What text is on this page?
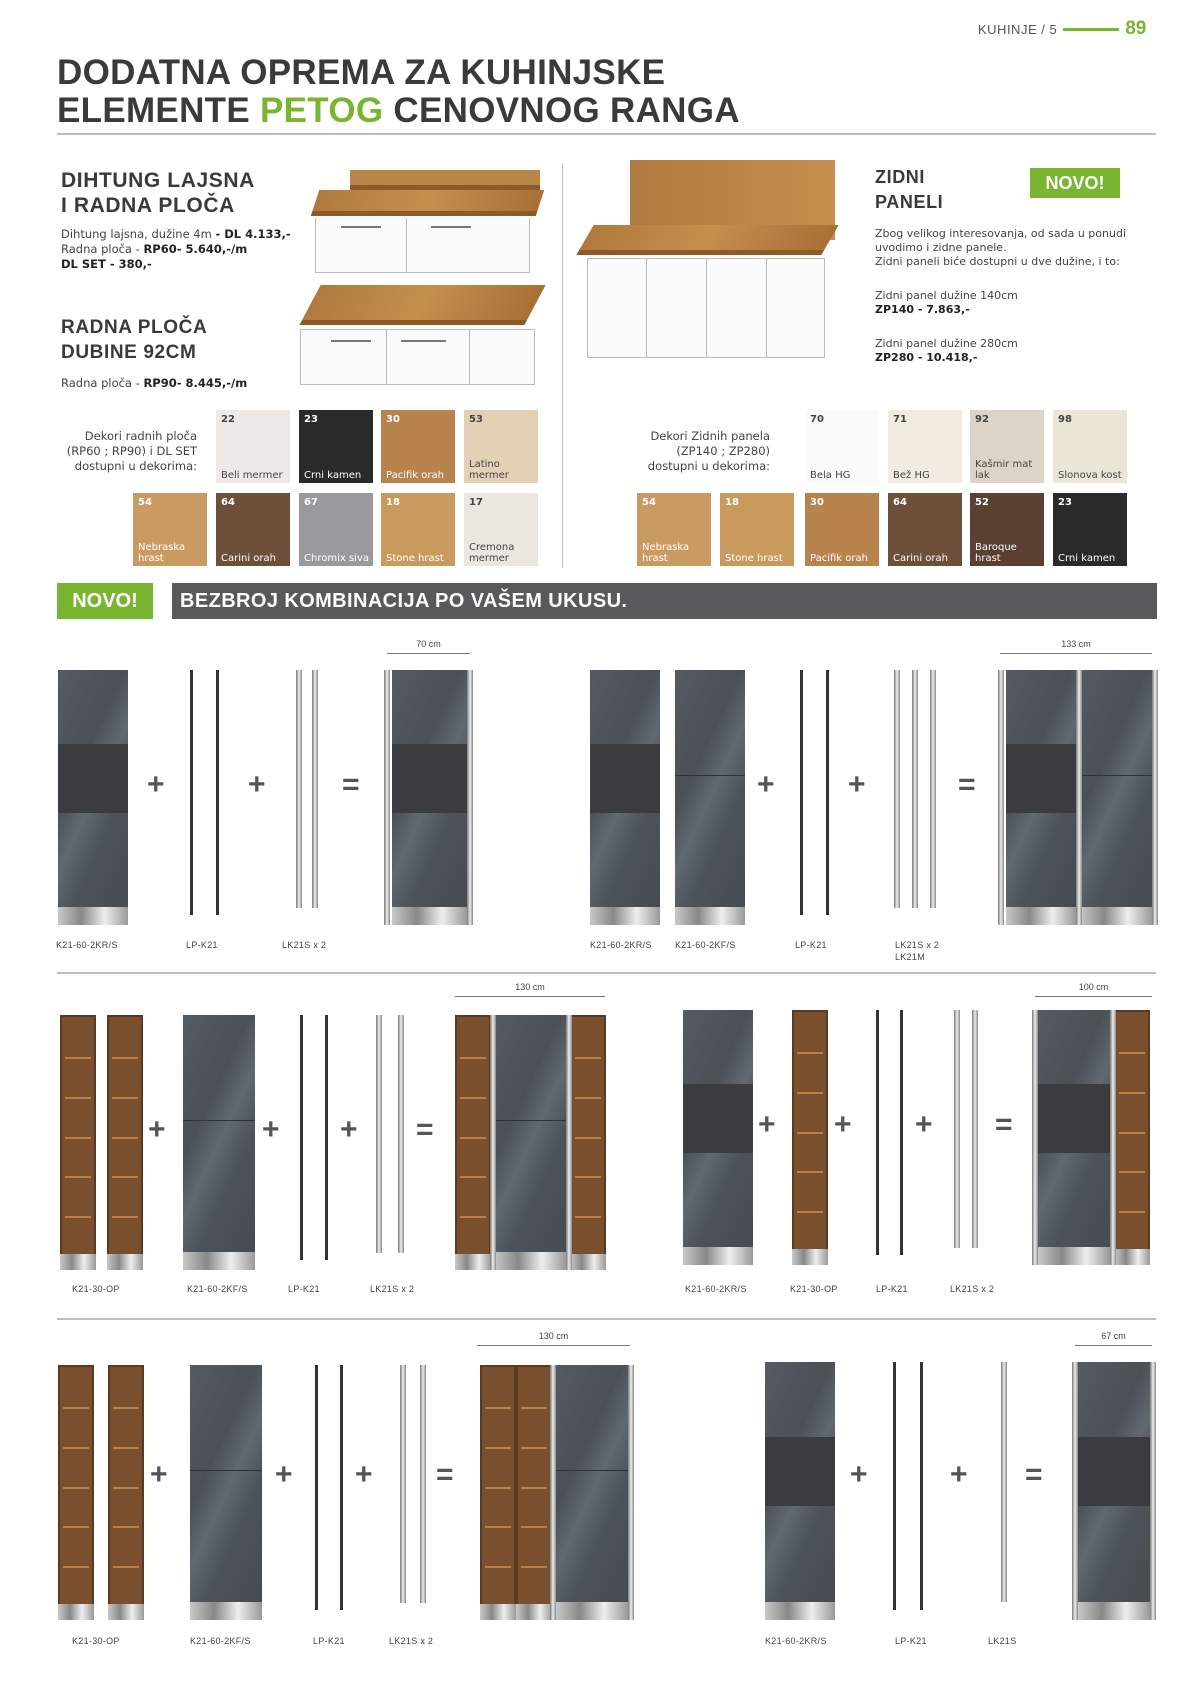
KUHINJE / 5	89
DODATNA OPREMA ZA KUHINJSKE
ELEMENTE PETOG CENOVNOG RANGA
DIHTUNG LAJSNA
I RADNA PLOČA
Dihtung lajsna, dužine 4m - DL 4.133,-
Radna ploča - RP60- 5.640,-/m
DL SET - 380,-
RADNA PLOČA
DUBINE 92CM
Radna ploča - RP90- 8.445,-/m
Dekori radnih ploča
(RP60 ; RP90) i DL SET
dostupni u dekorima:
22
Beli mermer
23
Crni kamen
30
Pacifik orah
53
Latino mermer
54
Nebraska hrast
64
Carini orah
67
Chromix siva
18
Stone hrast
17
Cremona mermer
ZIDNI
PANELI
NOVO!
Zbog velikog interesovanja, od sada u ponudi
uvodimo i zidne panele.
Zidni paneli biće dostupni u dve dužine, i to:
Zidni panel dužine 140cm
ZP140 - 7.863,-
Zidni panel dužine 280cm
ZP280 - 10.418,-
Dekori Zidnih panela
(ZP140 ; ZP280)
dostupni u dekorima:
70
Bela HG
71
Bež HG
92
Kašmir mat lak
98
Slonova kost
54
Nebraska hrast
18
Stone hrast
30
Pacifik orah
64
Carini orah
52
Baroque hrast
23
Crni kamen
NOVO!	BEZBROJ KOMBINACIJA PO VAŠEM UKUSU.
+	+	=
70 cm
K21-60-2KR/S	LP-K21	LK21S x 2
+ +	=
133 cm
K21-60-2KR/S	K21-60-2KF/S	LP-K21	LK21S x 2
LK21M
+	+ + =
130 cm
K21-30-OP	K21-60-2KF/S	LP-K21	LK21S x 2
+ + + =
100 cm
K21-60-2KR/S	K21-30-OP	LP-K21	LK21S x 2
+	+ + =
130 cm
K21-30-OP	K21-60-2KF/S	LP-K21	LK21S x 2
+	+ =
67 cm
K21-60-2KR/S	LP-K21	LK21S
